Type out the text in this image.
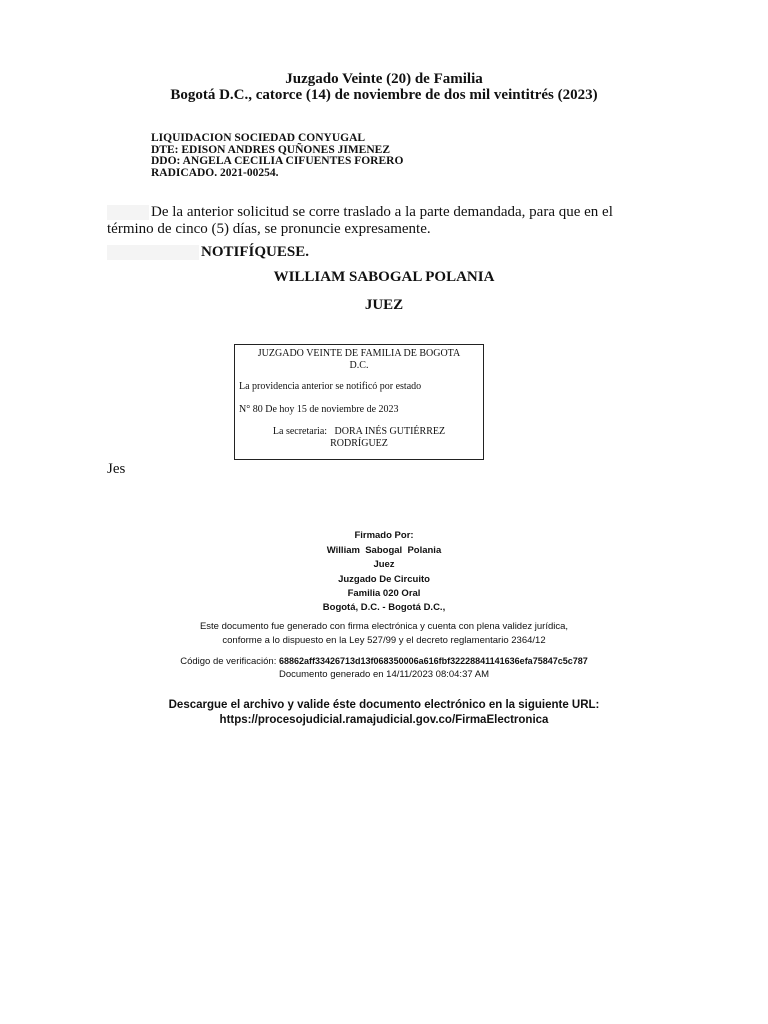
Juzgado Veinte (20) de Familia
Bogotá D.C., catorce (14) de noviembre de dos mil veintitrés (2023)
LIQUIDACION SOCIEDAD CONYUGAL
DTE: EDISON ANDRES QUÑONES JIMENEZ
DDO: ANGELA CECILIA CIFUENTES FORERO
RADICADO. 2021-00254.
De la anterior solicitud se corre traslado a la parte demandada, para que en el
término de cinco (5) días, se pronuncie expresamente.
NOTIFÍQUESE.
WILLIAM SABOGAL POLANIA
JUEZ
JUZGADO VEINTE DE FAMILIA DE BOGOTA
D.C.
La providencia anterior se notificó por estado
N° 80 De hoy 15 de noviembre de 2023
La secretaria:   DORA INÉS GUTIÉRREZ
RODRÍGUEZ
Jes
Firmado Por:
William  Sabogal  Polania
Juez
Juzgado De Circuito
Familia 020 Oral
Bogotá, D.C. - Bogotá D.C.,
Este documento fue generado con firma electrónica y cuenta con plena validez jurídica,
conforme a lo dispuesto en la Ley 527/99 y el decreto reglamentario 2364/12
Código de verificación: 68862aff33426713d13f068350006a616fbf32228841141636efa75847c5c787
Documento generado en 14/11/2023 08:04:37 AM
Descargue el archivo y valide éste documento electrónico en la siguiente URL:
https://procesojudicial.ramajudicial.gov.co/FirmaElectronica
